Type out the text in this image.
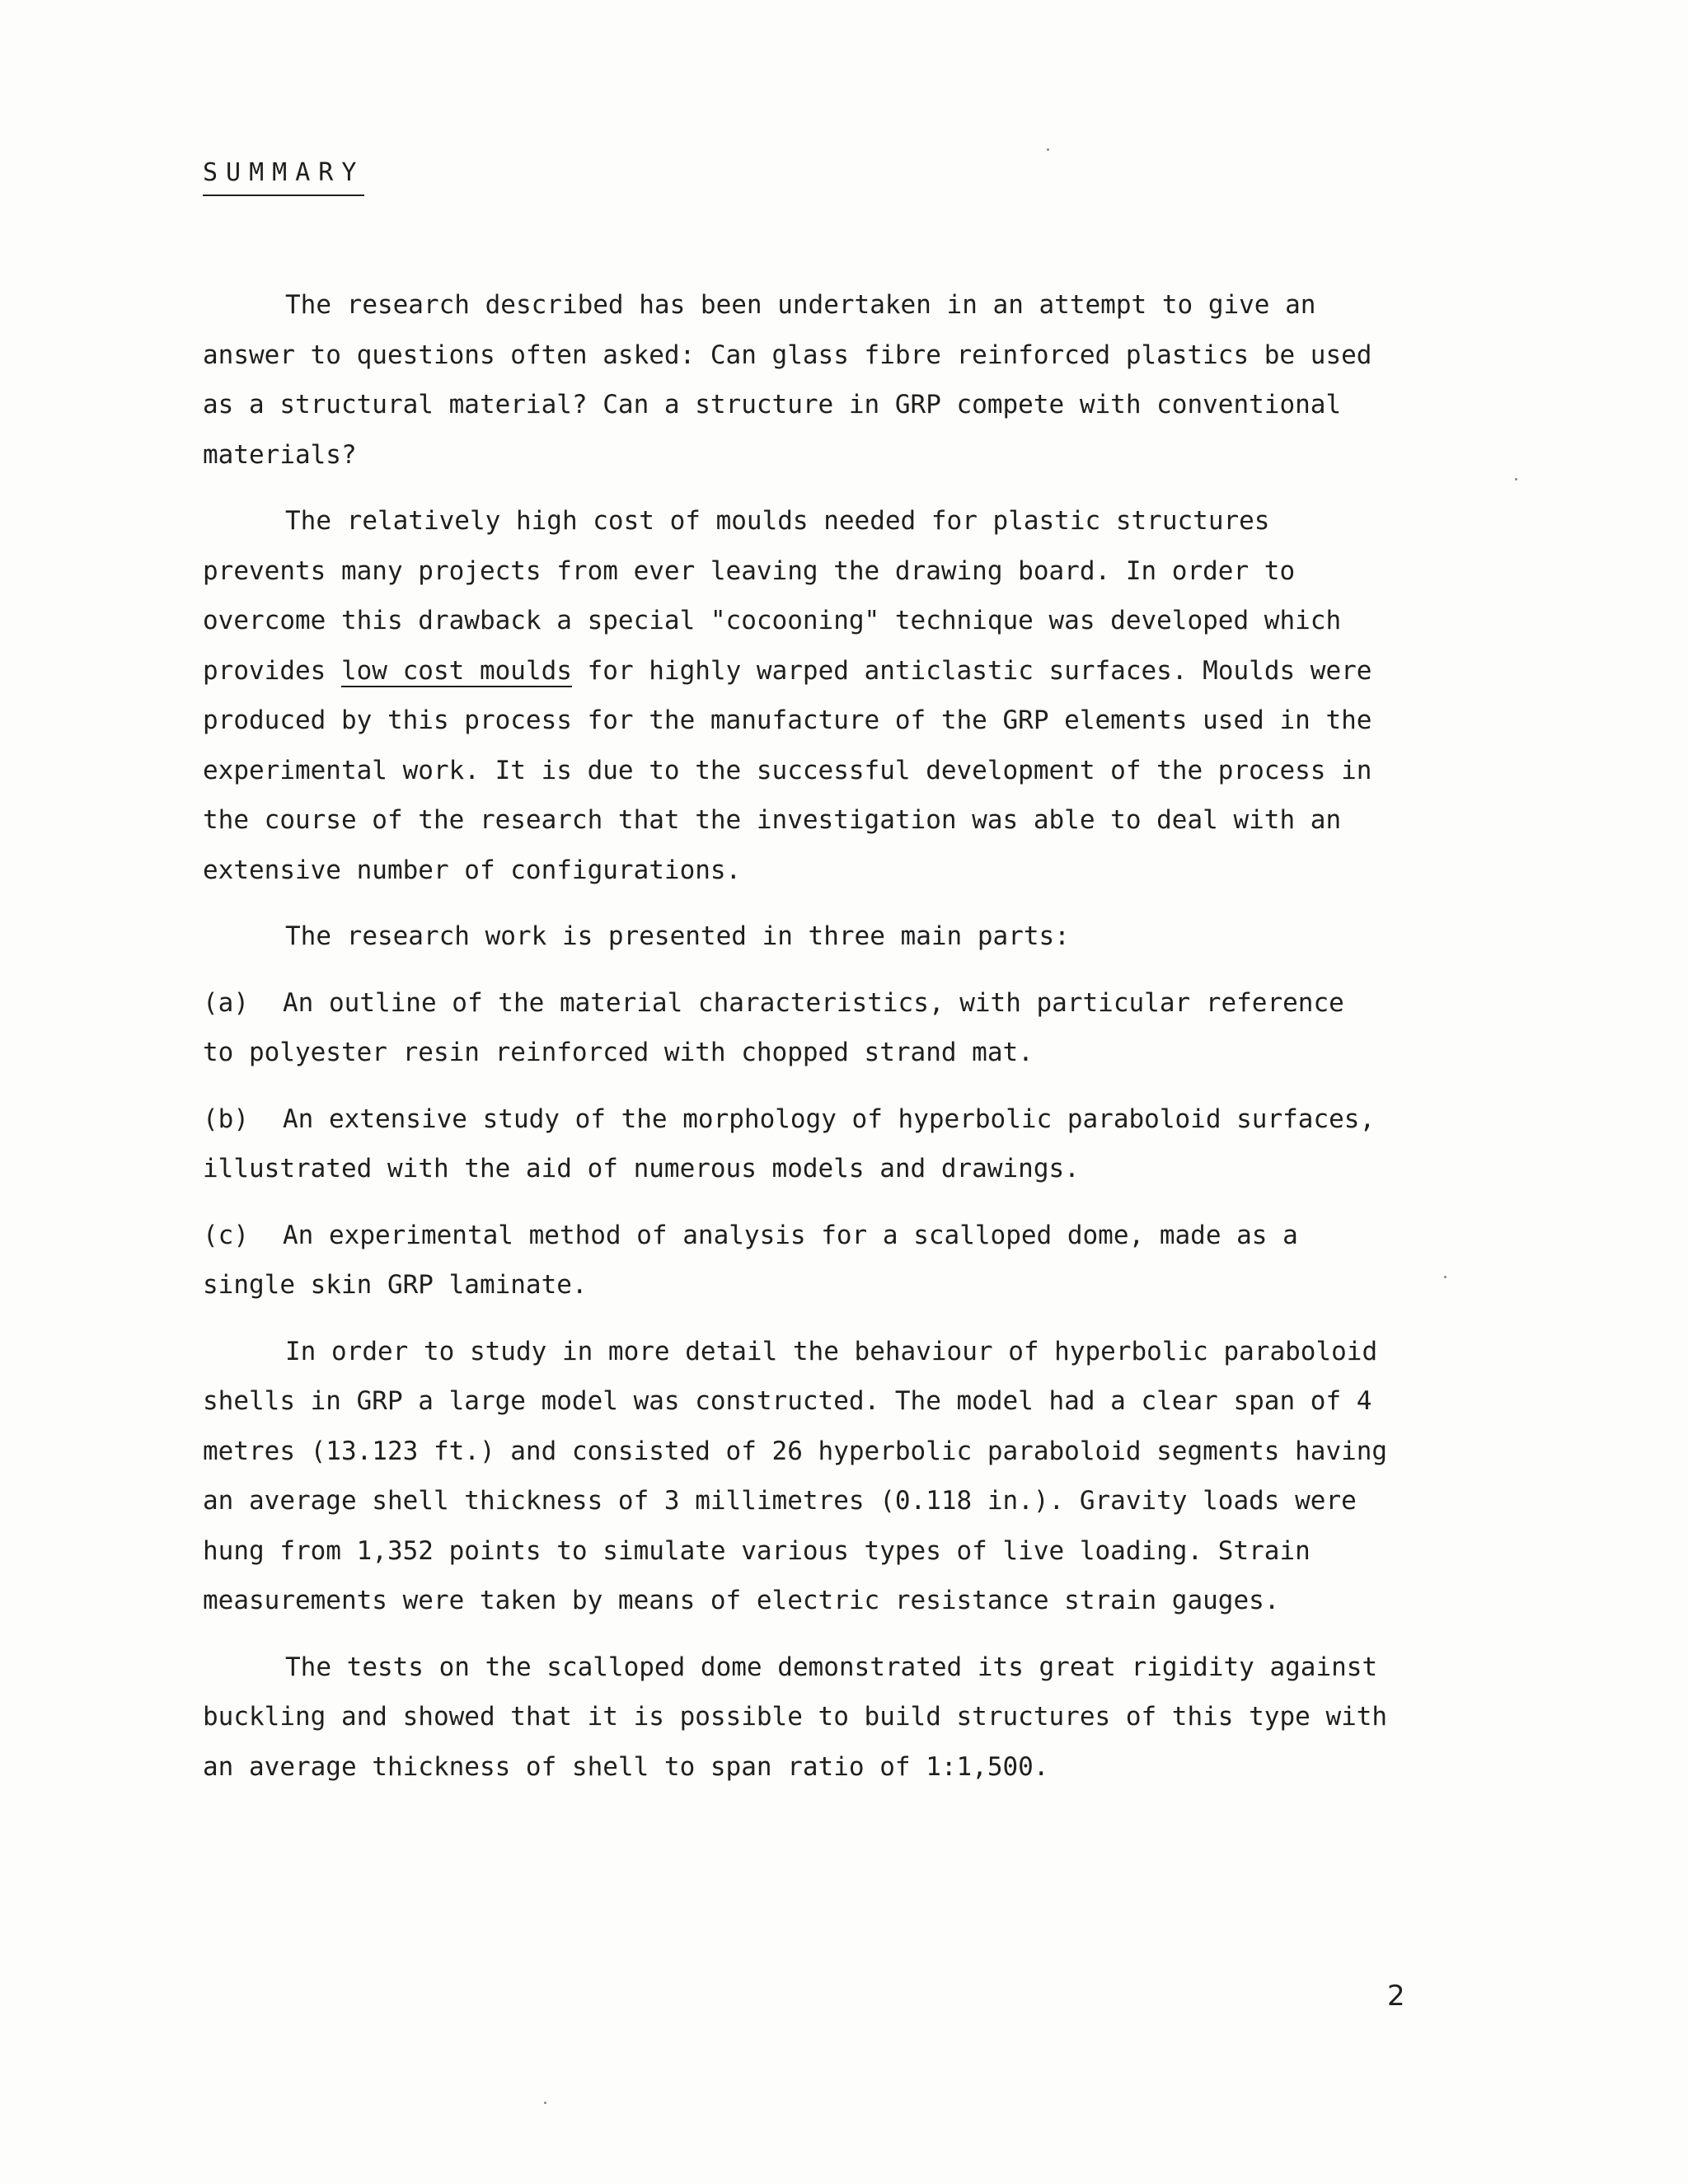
SUMMARY

The research described has been undertaken in an attempt to give an answer to questions often asked: Can glass fibre reinforced plastics be used as a structural material? Can a structure in GRP compete with conventional materials?

The relatively high cost of moulds needed for plastic structures prevents many projects from ever leaving the drawing board. In order to overcome this drawback a special "cocooning" technique was developed which provides low cost moulds for highly warped anticlastic surfaces. Moulds were produced by this process for the manufacture of the GRP elements used in the experimental work. It is due to the successful development of the process in the course of the research that the investigation was able to deal with an extensive number of configurations.

The research work is presented in three main parts:

(a) An outline of the material characteristics, with particular reference to polyester resin reinforced with chopped strand mat.

(b) An extensive study of the morphology of hyperbolic paraboloid surfaces, illustrated with the aid of numerous models and drawings.

(c) An experimental method of analysis for a scalloped dome, made as a single skin GRP laminate.

In order to study in more detail the behaviour of hyperbolic paraboloid shells in GRP a large model was constructed. The model had a clear span of 4 metres (13.123 ft.) and consisted of 26 hyperbolic paraboloid segments having an average shell thickness of 3 millimetres (0.118 in.). Gravity loads were hung from 1,352 points to simulate various types of live loading. Strain measurements were taken by means of electric resistance strain gauges.

The tests on the scalloped dome demonstrated its great rigidity against buckling and showed that it is possible to build structures of this type with an average thickness of shell to span ratio of 1:1,500.

2
